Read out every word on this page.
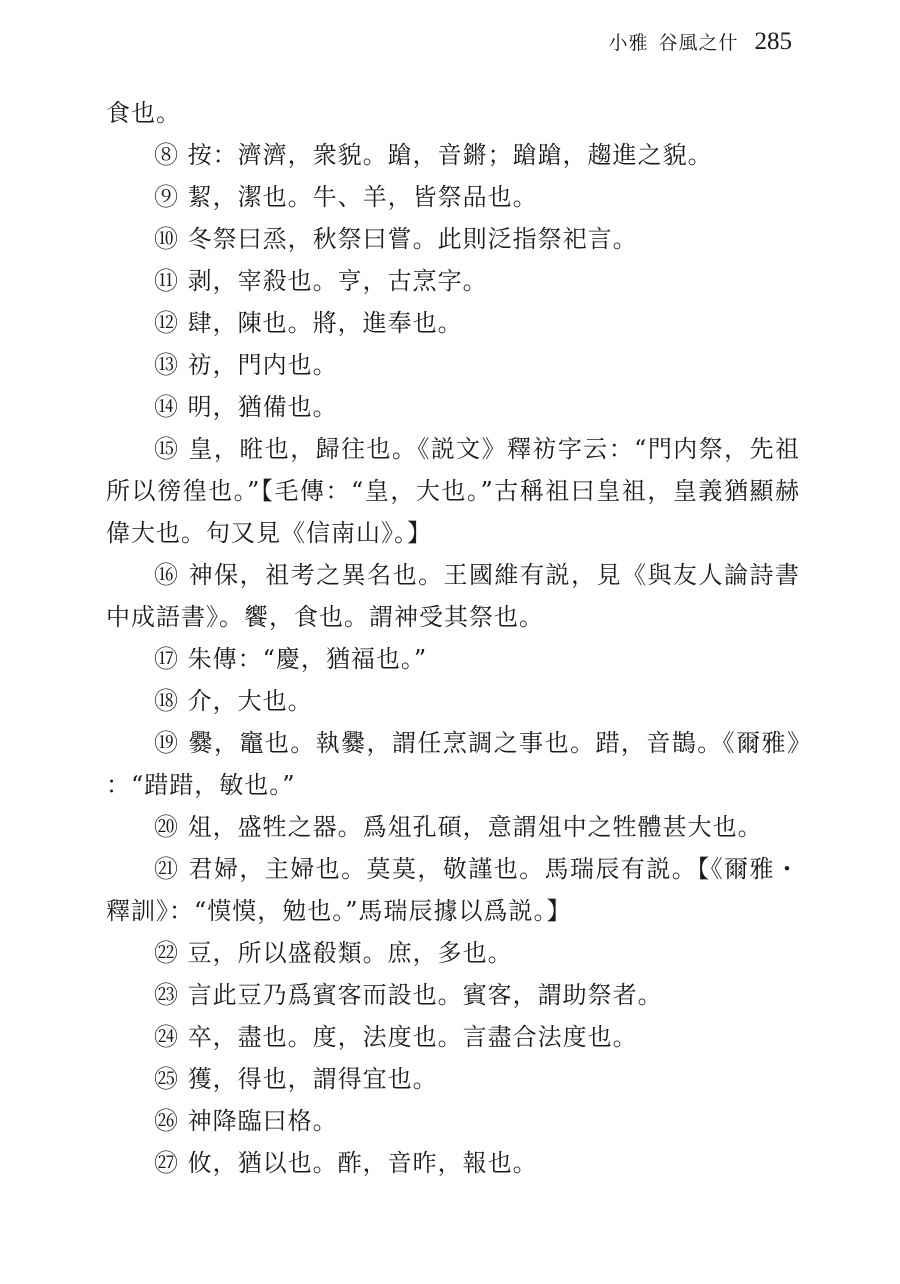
小雅 谷風之什 285

食也。

⑧ 按：濟濟，衆貌。蹌，音鏘；蹌蹌，趨進之貌。

⑨ 絜，潔也。牛、羊，皆祭品也。

⑩ 冬祭曰烝，秋祭曰嘗。此則泛指祭祀言。

⑪ 剥，宰殺也。亨，古烹字。

⑫ 肆，陳也。將，進奉也。

⑬ 祊，門内也。

⑭ 明，猶備也。

⑮ 皇，暀也，歸往也。《説文》釋祊字云：“門内祭，先祖所以徬徨也。”【毛傳：“皇，大也。”古稱祖曰皇祖，皇義猶顯赫偉大也。句又見《信南山》。】

⑯ 神保，祖考之異名也。王國維有説，見《與友人論詩書中成語書》。饗，食也。謂神受其祭也。

⑰ 朱傳：“慶，猶福也。”

⑱ 介，大也。

⑲ 爨，竈也。執爨，謂任烹調之事也。踖，音鵲。《爾雅》：“踖踖，敏也。”

⑳ 俎，盛牲之器。爲俎孔碩，意謂俎中之牲體甚大也。

㉑ 君婦，主婦也。莫莫，敬謹也。馬瑞辰有説。【《爾雅・釋訓》：“慔慔，勉也。”馬瑞辰據以爲説。】

㉒ 豆，所以盛殽類。庶，多也。

㉓ 言此豆乃爲賓客而設也。賓客，謂助祭者。

㉔ 卒，盡也。度，法度也。言盡合法度也。

㉕ 獲，得也，謂得宜也。

㉖ 神降臨曰格。

㉗ 攸，猶以也。酢，音昨，報也。
